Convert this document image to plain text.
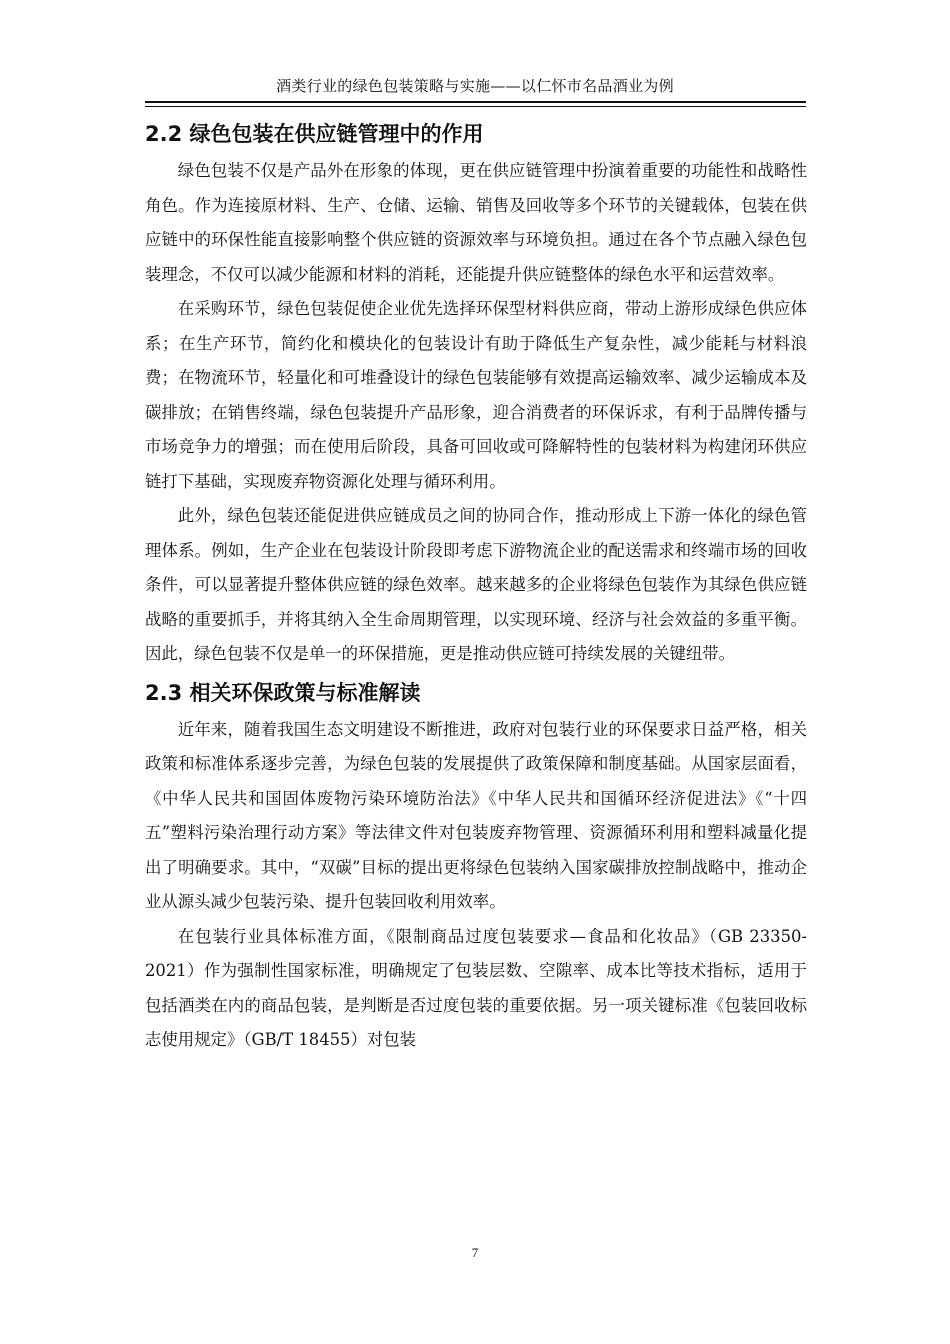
酒类行业的绿色包装策略与实施——以仁怀市名品酒业为例
2.2 绿色包装在供应链管理中的作用

绿色包装不仅是产品外在形象的体现，更在供应链管理中扮演着重要的功能性和战略性角色。作为连接原材料、生产、仓储、运输、销售及回收等多个环节的关键载体，包装在供应链中的环保性能直接影响整个供应链的资源效率与环境负担。通过在各个节点融入绿色包装理念，不仅可以减少能源和材料的消耗，还能提升供应链整体的绿色水平和运营效率。

在采购环节，绿色包装促使企业优先选择环保型材料供应商，带动上游形成绿色供应体系；在生产环节，简约化和模块化的包装设计有助于降低生产复杂性，减少能耗与材料浪费；在物流环节，轻量化和可堆叠设计的绿色包装能够有效提高运输效率、减少运输成本及碳排放；在销售终端，绿色包装提升产品形象，迎合消费者的环保诉求，有利于品牌传播与市场竞争力的增强；而在使用后阶段，具备可回收或可降解特性的包装材料为构建闭环供应链打下基础，实现废弃物资源化处理与循环利用。

此外，绿色包装还能促进供应链成员之间的协同合作，推动形成上下游一体化的绿色管理体系。例如，生产企业在包装设计阶段即考虑下游物流企业的配送需求和终端市场的回收条件，可以显著提升整体供应链的绿色效率。越来越多的企业将绿色包装作为其绿色供应链战略的重要抓手，并将其纳入全生命周期管理，以实现环境、经济与社会效益的多重平衡。因此，绿色包装不仅是单一的环保措施，更是推动供应链可持续发展的关键纽带。

2.3 相关环保政策与标准解读

近年来，随着我国生态文明建设不断推进，政府对包装行业的环保要求日益严格，相关政策和标准体系逐步完善，为绿色包装的发展提供了政策保障和制度基础。从国家层面看，《中华人民共和国固体废物污染环境防治法》《中华人民共和国循环经济促进法》《“十四五”塑料污染治理行动方案》等法律文件对包装废弃物管理、资源循环利用和塑料减量化提出了明确要求。其中，“双碳”目标的提出更将绿色包装纳入国家碳排放控制战略中，推动企业从源头减少包装污染、提升包装回收利用效率。

在包装行业具体标准方面，《限制商品过度包装要求—食品和化妆品》（GB 23350-2021）作为强制性国家标准，明确规定了包装层数、空隙率、成本比等技术指标，适用于包括酒类在内的商品包装，是判断是否过度包装的重要依据。另一项关键标准《包装回收标志使用规定》（GB/T 18455）对包装

7
